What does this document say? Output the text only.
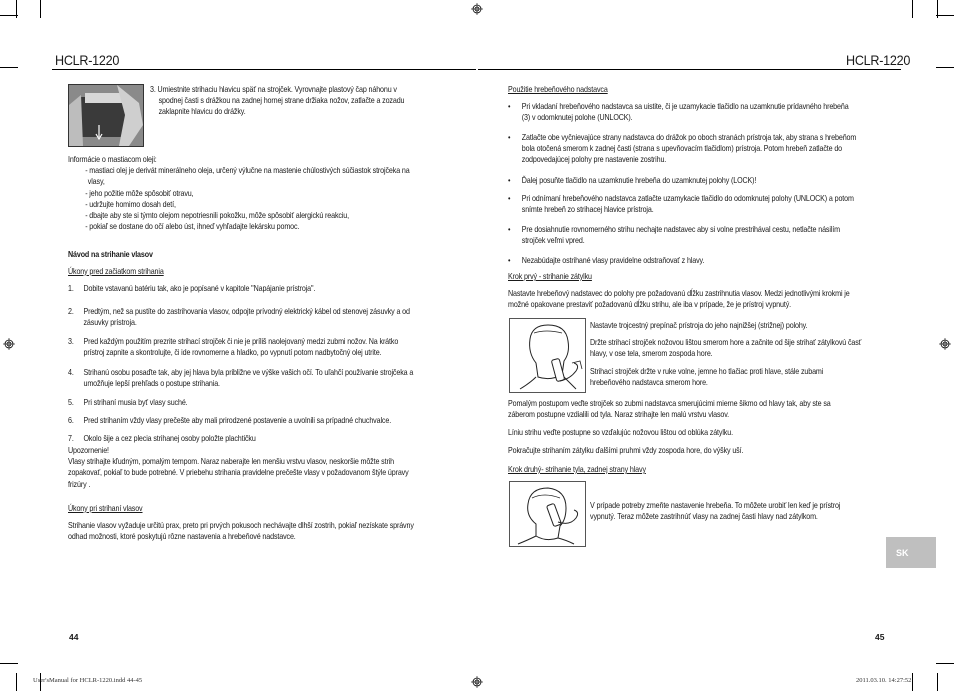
HCLR-1220	HCLR-1220
3. Umiestnite strihaciu hlavicu späť na strojček. Vyrovnajte plastový čap náhonu v
spodnej časti s drážkou na zadnej hornej strane držiaka nožov, zatlačte a zozadu
zaklapnite hlavicu do drážky.
Informácie o mastiacom oleji:
- mastiaci olej je derivát minerálneho oleja, určený výlučne na mastenie chúlostivých súčiastok strojčeka na
vlasy,
- jeho požitie môže spôsobiť otravu,
- udržujte homimo dosah detí,
- dbajte aby ste si týmto olejom nepotriesnili pokožku, môže spôsobiť alergickú reakciu,
- pokiaľ se dostane do očí alebo úst, ihneď vyhľadajte lekársku pomoc.
Návod na strihanie vlasov
Úkony pred začiatkom strihania
1. Dobite vstavanú batériu tak, ako je popísané v kapitole "Napájanie prístroja".
2. Predtým, než sa pustíte do zastrihovania vlasov, odpojte prívodný elektrický kábel od stenovej zásuvky a od
zásuvky prístroja.
3. Pred každým použitím prezrite strihací strojček či nie je príliš naolejovaný medzi zubmi nožov. Na krátko
prístroj zapnite a skontrolujte, či ide rovnomerne a hladko, po vypnutí potom nadbytočný olej utrite.
4. Strihanú osobu posaďte tak, aby jej hlava byla približne ve výške vašich očí. To uľahčí používanie strojčeka a
umožňuje lepší prehľads o postupe strihania.
5. Pri strihaní musia byť vlasy suché.
6. Pred strihaním vždy vlasy prečešte aby mali prirodzené postavenie a uvolnili sa prípadné chuchvalce.
7. Okolo šije a cez plecia strihanej osoby položte plachtičku
Upozornenie!
Vlasy strihajte kľudným, pomalým tempom. Naraz naberajte len menšiu vrstvu vlasov, neskoršie môžte strih
zopakovať, pokiaľ to bude potrebné. V priebehu strihania pravidelne prečešte vlasy v požadovanom štýle úpravy
frizúry .
Úkony pri strihaní vlasov
Strihanie vlasov vyžaduje určitú prax, preto pri prvých pokusoch nechávajte dlhší zostrih, pokiaľ nezískate správny
odhad možnosti, ktoré poskytujú rôzne nastavenia a hrebeňové nadstavce.
44
Použitie hrebeňového nadstavca
• Pri vkladaní hrebeňového nadstavca sa uistite, či je uzamykacie tlačidlo na uzamknutie prídavného hrebeňa
(3) v odomknutej polohe (UNLOCK).
• Zatlačte obe vyčnievajúce strany nadstavca do drážok po oboch stranách prístroja tak, aby strana s hrebeňom
bola otočená smerom k zadnej časti (strana s upevňovacím tlačidlom) prístroja. Potom hrebeň zatlačte do
zodpovedajúcej polohy pre nastavenie zostrihu.
• Ďalej posuňte tlačidlo na uzamknutie hrebeňa do uzamknutej polohy (LOCK)!
• Pri odnímaní hrebeňového nadstavca zatlačte uzamykacie tlačidlo do odomknutej polohy (UNLOCK) a potom
snímte hrebeň zo strihacej hlavice prístroja.
• Pre dosiahnutie rovnomerného strihu nechajte nadstavec aby si volne prestrihával cestu, netlačte násilím
strojček veľmi vpred.
• Nezabúdajte ostrihané vlasy pravidelne odstraňovať z hlavy.
Krok prvý - strihanie zátylku
Nastavte hrebeňový nadstavec do polohy pre požadovanú dĺžku zastrihnutia vlasov. Medzi jednotlivými krokmi je
možné opakovane prestaviť požadovanú dĺžku strihu, ale iba v prípade, že je prístroj vypnutý.
Nastavte trojcestný prepínač prístroja do jeho najnižšej (strižnej) polohy.
Držte strihací strojček nožovou lištou smerom hore a začnite od šije strihať zátylkovú časť
hlavy, v ose tela, smerom zospoda hore.
Strihací strojček držte v ruke volne, jemne ho tlačiac proti hlave, stále zubami
hrebeňového nadstavca smerom hore.
Pomalým postupom veďte strojček so zubmi nadstavca smerujúcimi mierne šikmo od hlavy tak, aby ste sa
záberom postupne vzdialili od tyla. Naraz strihajte len malú vrstvu vlasov.
Líniu strihu veďte postupne so vzďalujúc nožovou lištou od oblúka zátylku.
Pokračujte strihaním zátylku ďalšími pruhmi vždy zospoda hore, do výšky uší.
Krok druhý- strihanie tyla, zadnej strany hlavy
V prípade potreby zmeňte nastavenie hrebeňa. To môžete urobiť len keď je prístroj
vypnutý. Teraz môžete zastrihnúť vlasy na zadnej časti hlavy nad zátylkom.
SK
45
User'sManual for HCLR-1220.indd 44-45	2011.03.10. 14:27:52
